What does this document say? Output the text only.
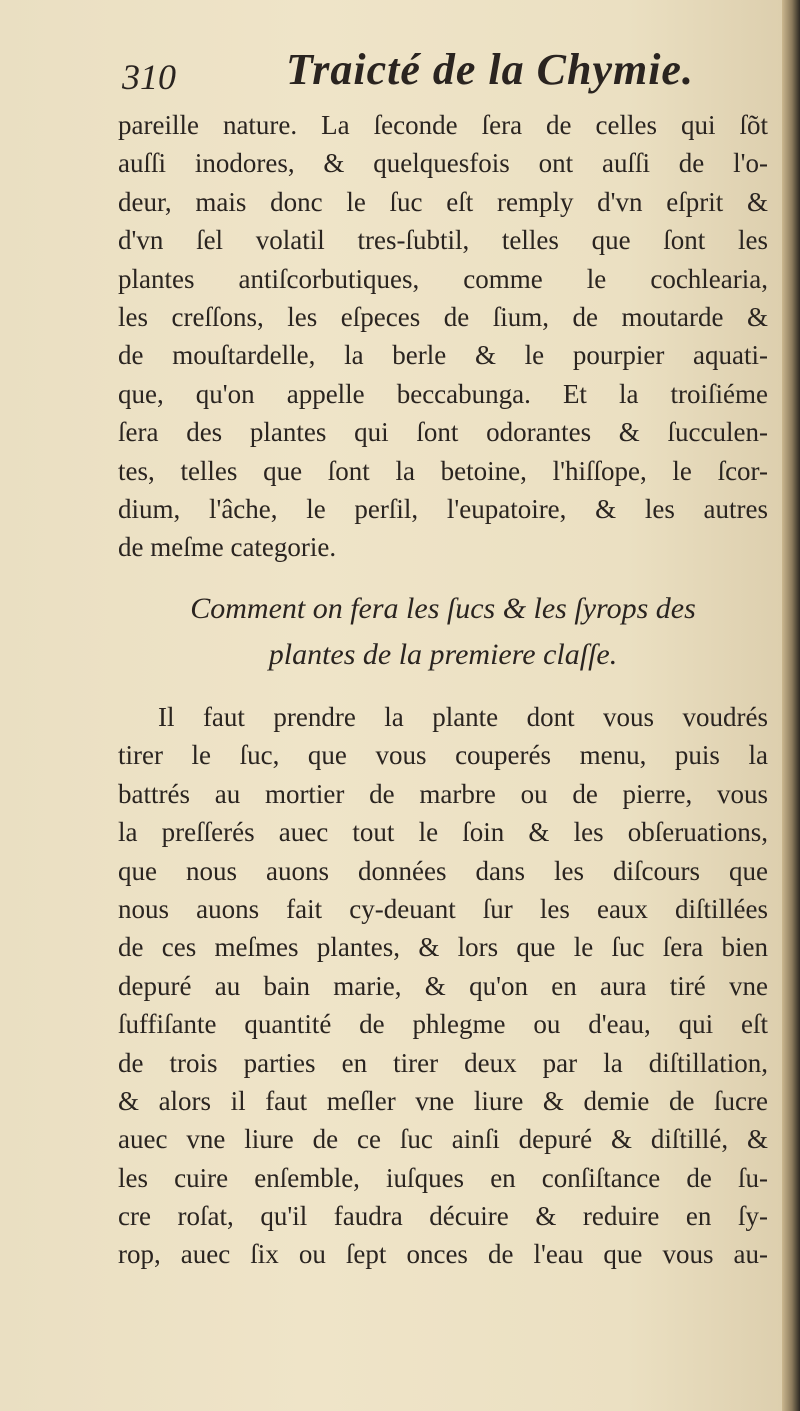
310	Traicté de la Chymie.
pareille nature. La ſeconde ſera de celles qui ſõt
auſſi inodores, & quelquesfois ont auſſi de l'o-
deur, mais donc le ſuc eſt remply d'vn eſprit &
d'vn ſel volatil tres-ſubtil, telles que ſont les
plantes antiſcorbutiques, comme le cochlearia,
les creſſons, les eſpeces de ſium, de moutarde &
de mouſtardelle, la berle & le pourpier aquati-
que, qu'on appelle beccabunga. Et la troiſiéme
ſera des plantes qui ſont odorantes & ſucculen-
tes, telles que ſont la betoine, l'hiſſope, le ſcor-
dium, l'âche, le perſil, l'eupatoire, & les autres
de meſme categorie.
Comment on fera les ſucs & les ſyrops des
plantes de la premiere claſſe.
Il faut prendre la plante dont vous voudrés
tirer le ſuc, que vous couperés menu, puis la
battrés au mortier de marbre ou de pierre, vous
la preſſerés auec tout le ſoin & les obſeruations,
que nous auons données dans les diſcours que
nous auons fait cy-deuant ſur les eaux diſtillées
de ces meſmes plantes, & lors que le ſuc ſera bien
depuré au bain marie, & qu'on en aura tiré vne
ſuffiſante quantité de phlegme ou d'eau, qui eſt
de trois parties en tirer deux par la diſtillation,
& alors il faut meſler vne liure & demie de ſucre
auec vne liure de ce ſuc ainſi depuré & diſtillé, &
les cuire enſemble, iuſques en conſiſtance de ſu-
cre roſat, qu'il faudra décuire & reduire en ſy-
rop, auec ſix ou ſept onces de l'eau que vous au-
